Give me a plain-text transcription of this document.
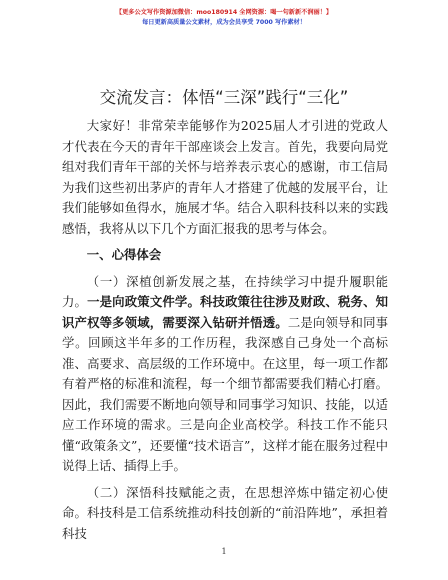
【更多公文写作资源加微信：moo180914 全网资源：喝一句新新不润丽！】
每日更新高质量公文素材，成为会员享受 7000 写作素材！
交流发言：体悟“三深”践行“三化”

大家好！非常荣幸能够作为2025届人才引进的党政人才代表在今天的青年干部座谈会上发言。首先，我要向局党组对我们青年干部的关怀与培养表示衷心的感谢，市工信局为我们这些初出茅庐的青年人才搭建了优越的发展平台，让我们能够如鱼得水，施展才华。结合入职科技科以来的实践感悟，我将从以下几个方面汇报我的思考与体会。

一、心得体会

（一）深植创新发展之基，在持续学习中提升履职能力。一是向政策文件学。科技政策往往涉及财政、税务、知识产权等多领域，需要深入钻研并悟透。二是向领导和同事学。回顾这半年多的工作历程，我深感自己身处一个高标准、高要求、高层级的工作环境中。在这里，每一项工作都有着严格的标准和流程，每一个细节都需要我们精心打磨。因此，我们需要不断地向领导和同事学习知识、技能，以适应工作环境的需求。三是向企业高校学。科技工作不能只懂“政策条文”，还要懂“技术语言”，这样才能在服务过程中说得上话、插得上手。

（二）深悟科技赋能之责，在思想淬炼中锚定初心使命。科技科是工信系统推动科技创新的“前沿阵地”，承担着科技

1
